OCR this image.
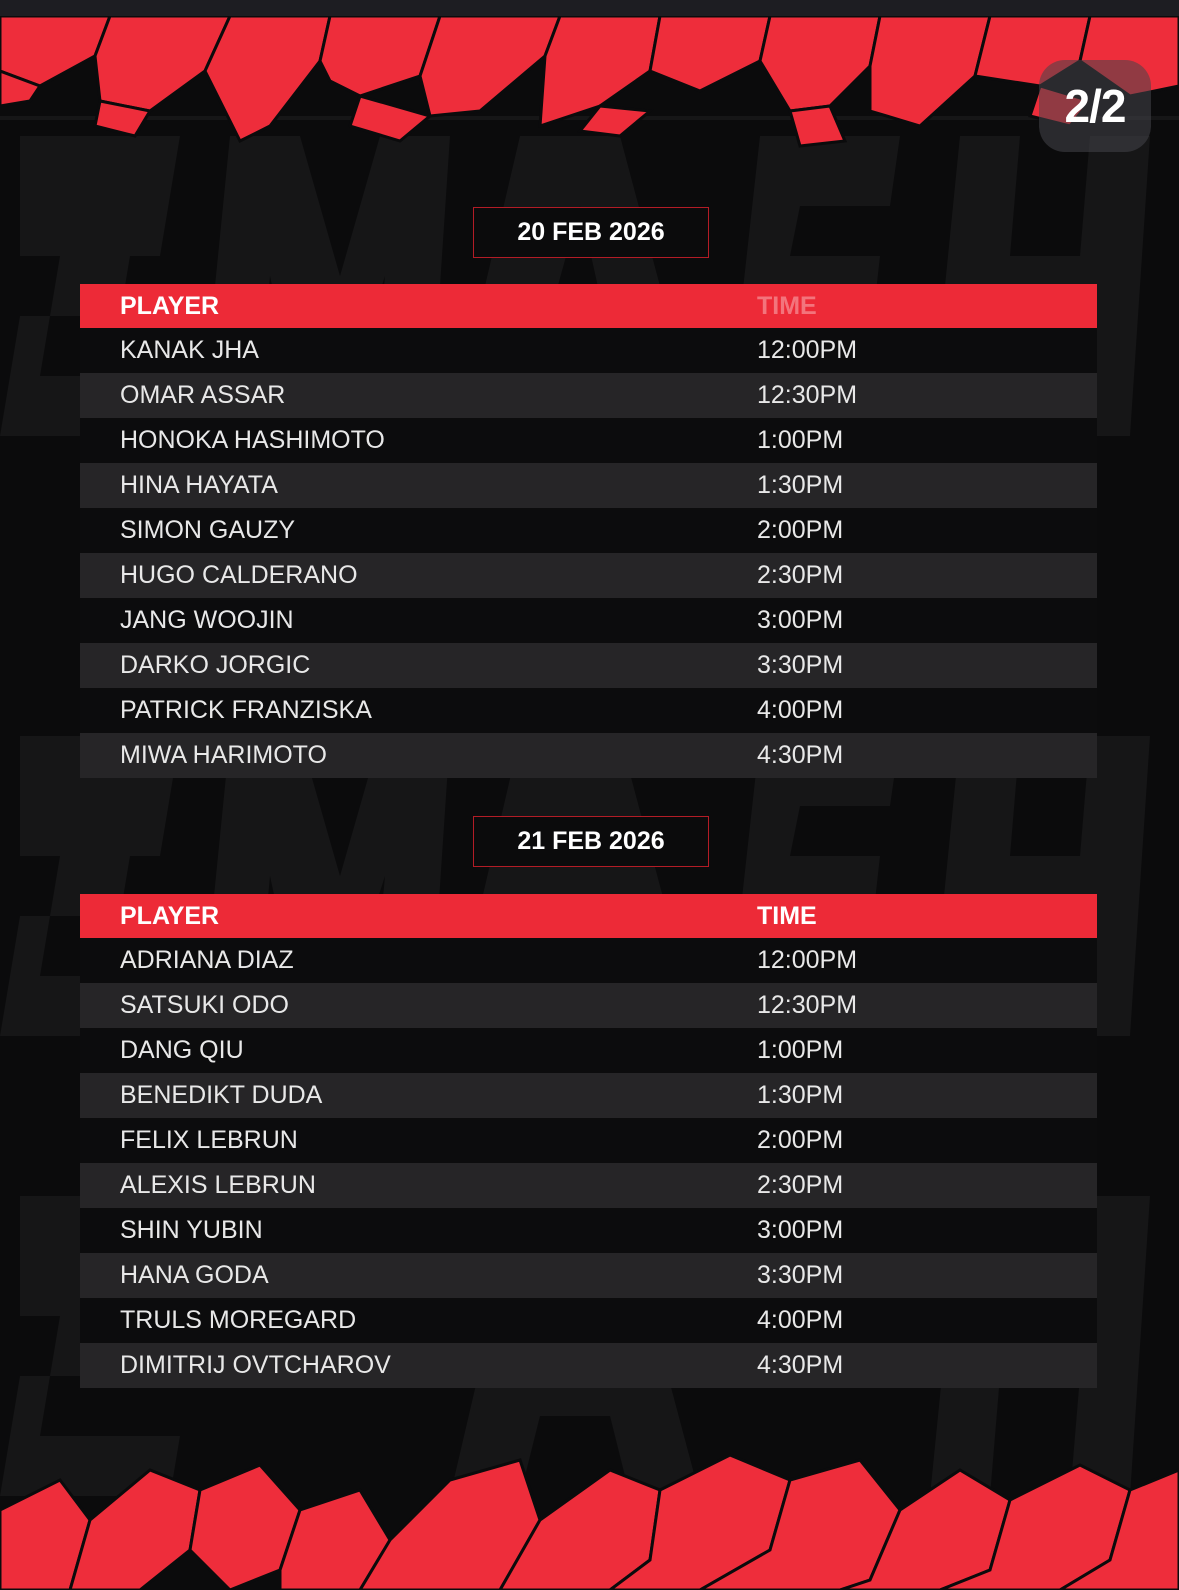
2/2
20 FEB 2026
PLAYER	TIME
KANAK JHA	12:00PM
OMAR ASSAR	12:30PM
HONOKA HASHIMOTO	1:00PM
HINA HAYATA	1:30PM
SIMON GAUZY	2:00PM
HUGO CALDERANO	2:30PM
JANG WOOJIN	3:00PM
DARKO JORGIC	3:30PM
PATRICK FRANZISKA	4:00PM
MIWA HARIMOTO	4:30PM
21 FEB 2026
PLAYER	TIME
ADRIANA DIAZ	12:00PM
SATSUKI ODO	12:30PM
DANG QIU	1:00PM
BENEDIKT DUDA	1:30PM
FELIX LEBRUN	2:00PM
ALEXIS LEBRUN	2:30PM
SHIN YUBIN	3:00PM
HANA GODA	3:30PM
TRULS MOREGARD	4:00PM
DIMITRIJ OVTCHAROV	4:30PM
